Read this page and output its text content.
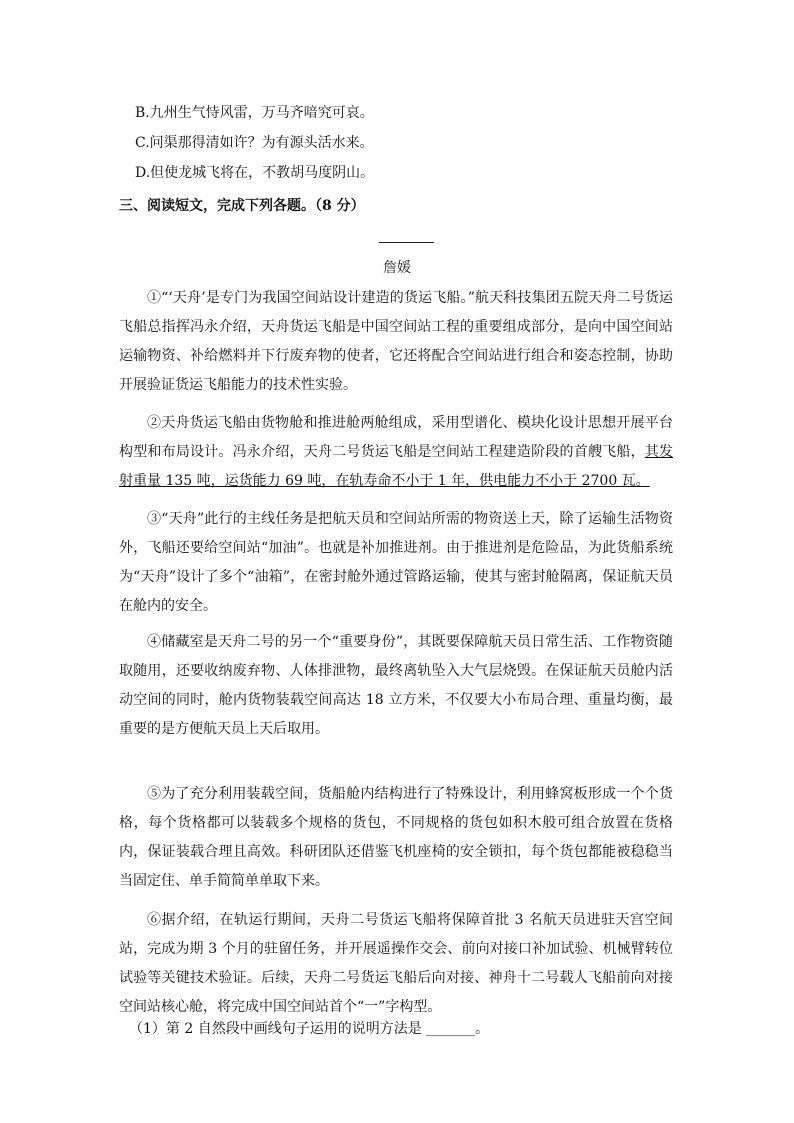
B.九州生气恃风雷，万马齐喑究可哀。
C.问渠那得清如许？为有源头活水来。
D.但使龙城飞将在，不教胡马度阴山。
三、阅读短文，完成下列各题。（8 分）
詹媛

①“‘天舟’是专门为我国空间站设计建造的货运飞船。”航天科技集团五院天舟二号货运飞船总指挥冯永介绍，天舟货运飞船是中国空间站工程的重要组成部分，是向中国空间站运输物资、补给燃料并下行废弃物的使者，它还将配合空间站进行组合和姿态控制，协助开展验证货运飞船能力的技术性实验。

②天舟货运飞船由货物舱和推进舱两舱组成，采用型谱化、模块化设计思想开展平台构型和布局设计。冯永介绍，天舟二号货运飞船是空间站工程建造阶段的首艘飞船，其发射重量 135 吨，运货能力 69 吨，在轨寿命不小于 1 年，供电能力不小于 2700 瓦。

③“天舟”此行的主线任务是把航天员和空间站所需的物资送上天，除了运输生活物资外，飞船还要给空间站“加油”。也就是补加推进剂。由于推进剂是危险品，为此货船系统为“天舟”设计了多个“油箱”，在密封舱外通过管路运输，使其与密封舱隔离，保证航天员在舱内的安全。

④储藏室是天舟二号的另一个“重要身份”，其既要保障航天员日常生活、工作物资随取随用，还要收纳废弃物、人体排泄物，最终离轨坠入大气层烧毁。在保证航天员舱内活动空间的同时，舱内货物装载空间高达 18 立方米，不仅要大小布局合理、重量均衡，最重要的是方便航天员上天后取用。

⑤为了充分利用装载空间，货船舱内结构进行了特殊设计，利用蜂窝板形成一个个货格，每个货格都可以装载多个规格的货包，不同规格的货包如积木般可组合放置在货格内，保证装载合理且高效。科研团队还借鉴飞机座椅的安全锁扣，每个货包都能被稳稳当当固定住、单手简简单单取下来。

⑥据介绍，在轨运行期间，天舟二号货运飞船将保障首批 3 名航天员进驻天宫空间站，完成为期 3 个月的驻留任务，并开展遥操作交会、前向对接口补加试验、机械臂转位试验等关键技术验证。后续，天舟二号货运飞船后向对接、神舟十二号载人飞船前向对接空间站核心舱，将完成中国空间站首个“一”字构型。

（1）第 2 自然段中画线句子运用的说明方法是 _______。
